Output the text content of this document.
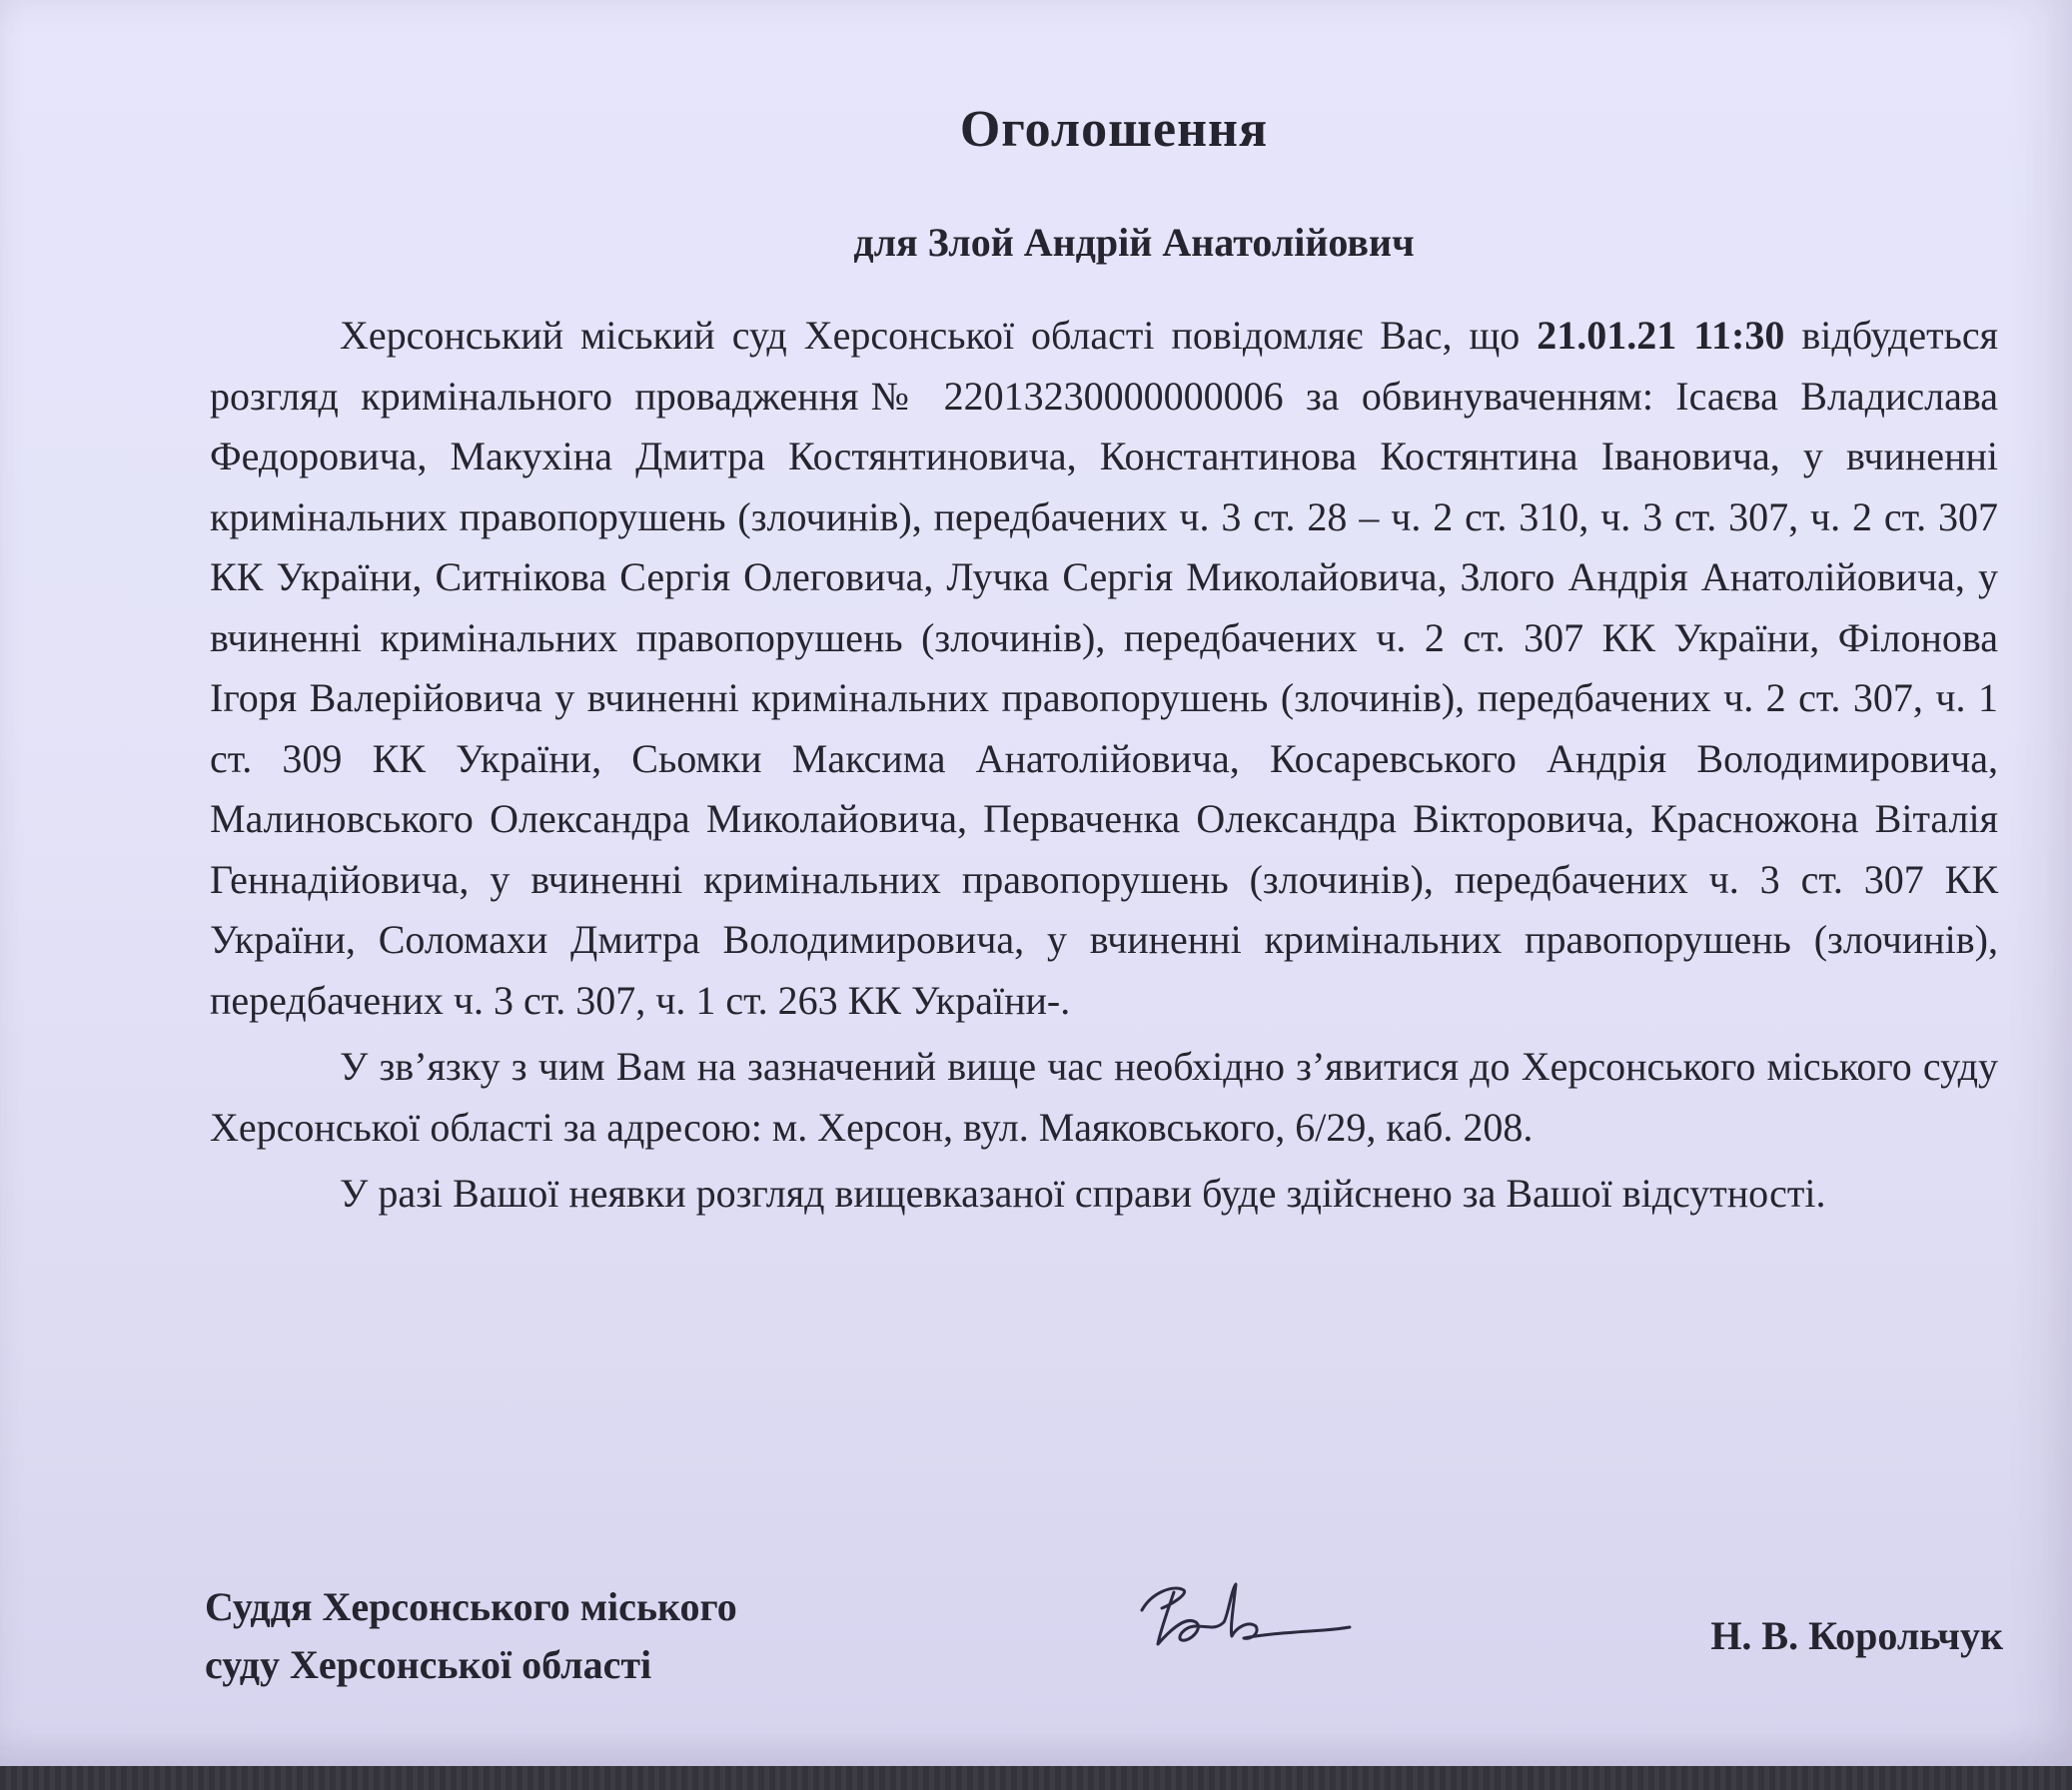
Оголошення
для Злой Андрій Анатолійович

Херсонський міський суд Херсонської області повідомляє Вас, що 21.01.21 11:30 відбудеться розгляд кримінального провадження№ 22013230000000006 за обвинуваченням: Ісаєва Владислава Федоровича, Макухіна Дмитра Костянтиновича, Константинова Костянтина Івановича, у вчиненні кримінальних правопорушень (злочинів), передбачених ч. 3 ст. 28 – ч. 2 ст. 310, ч. 3 ст. 307, ч. 2 ст. 307 КК України, Ситнікова Сергія Олеговича, Лучка Сергія Миколайовича, Злого Андрія Анатолійовича, у вчиненні кримінальних правопорушень (злочинів), передбачених ч. 2 ст. 307 КК України, Філонова Ігоря Валерійовича у вчиненні кримінальних правопорушень (злочинів), передбачених ч. 2 ст. 307, ч. 1 ст. 309 КК України, Сьомки Максима Анатолійовича, Косаревського Андрія Володимировича, Малиновського Олександра Миколайовича, Перваченка Олександра Вікторовича, Красножона Віталія Геннадійовича, у вчиненні кримінальних правопорушень (злочинів), передбачених ч. 3 ст. 307 КК України, Соломахи Дмитра Володимировича, у вчиненні кримінальних правопорушень (злочинів), передбачених ч. 3 ст. 307, ч. 1 ст. 263 КК України-.

У зв’язку з чим Вам на зазначений вище час необхідно з’явитися до Херсонського міського суду Херсонської області за адресою: м. Херсон, вул. Маяковського, 6/29, каб. 208.

У разі Вашої неявки розгляд вищевказаної справи буде здійснено за Вашої відсутності.

Суддя Херсонського міського
суду Херсонської області
Н. В. Корольчук
